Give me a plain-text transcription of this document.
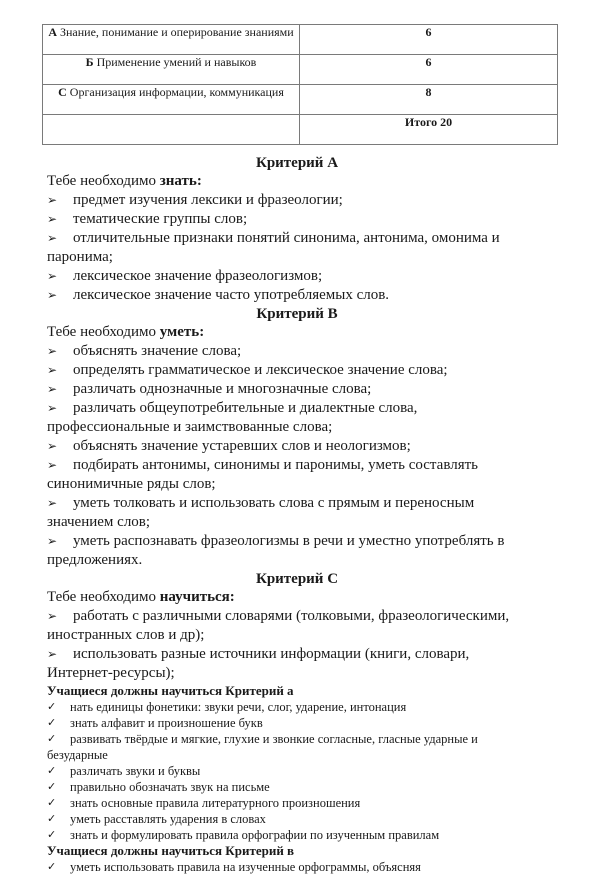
А Знание, понимание и оперирование знаниями	6
Б Применение умений и навыков	6
С Организация информации, коммуникация	8
	Итого 20
Критерий А
Тебе необходимо знать:
➢	предмет изучения лексики и фразеологии;
➢	тематические группы слов;
➢	отличительные признаки понятий синонима, антонима, омонима и паронима;
➢	лексическое значение фразеологизмов;
➢	лексическое значение часто употребляемых слов.
Критерий В
Тебе необходимо уметь:
➢	объяснять значение слова;
➢	определять грамматическое и лексическое значение слова;
➢	различать однозначные и многозначные слова;
➢	различать общеупотребительные и диалектные слова, профессиональные и заимствованные слова;
➢	объяснять значение устаревших слов и неологизмов;
➢	подбирать антонимы, синонимы и паронимы, уметь составлять синонимичные ряды слов;
➢	уметь толковать и использовать слова с прямым и переносным значением слов;
➢	уметь распознавать фразеологизмы в речи и уместно употреблять в предложениях.
Критерий С
Тебе необходимо научиться:
➢	работать с различными словарями (толковыми, фразеологическими, иностранных слов и др);
➢	использовать разные источники информации (книги, словари, Интернет-ресурсы);
Учащиеся должны научиться Критерий а
✓	нать единицы фонетики: звуки речи, слог, ударение, интонация
✓	знать алфавит и произношение букв
✓	развивать твёрдые и мягкие, глухие и звонкие согласные, гласные ударные и безударные
✓	различать звуки и буквы
✓	правильно обозначать звук на письме
✓	знать основные правила литературного произношения
✓	уметь расставлять ударения в словах
✓	знать и формулировать правила орфографии по изученным правилам
Учащиеся должны научиться Критерий в
✓	уметь использовать правила на изученные орфограммы, объясняя
